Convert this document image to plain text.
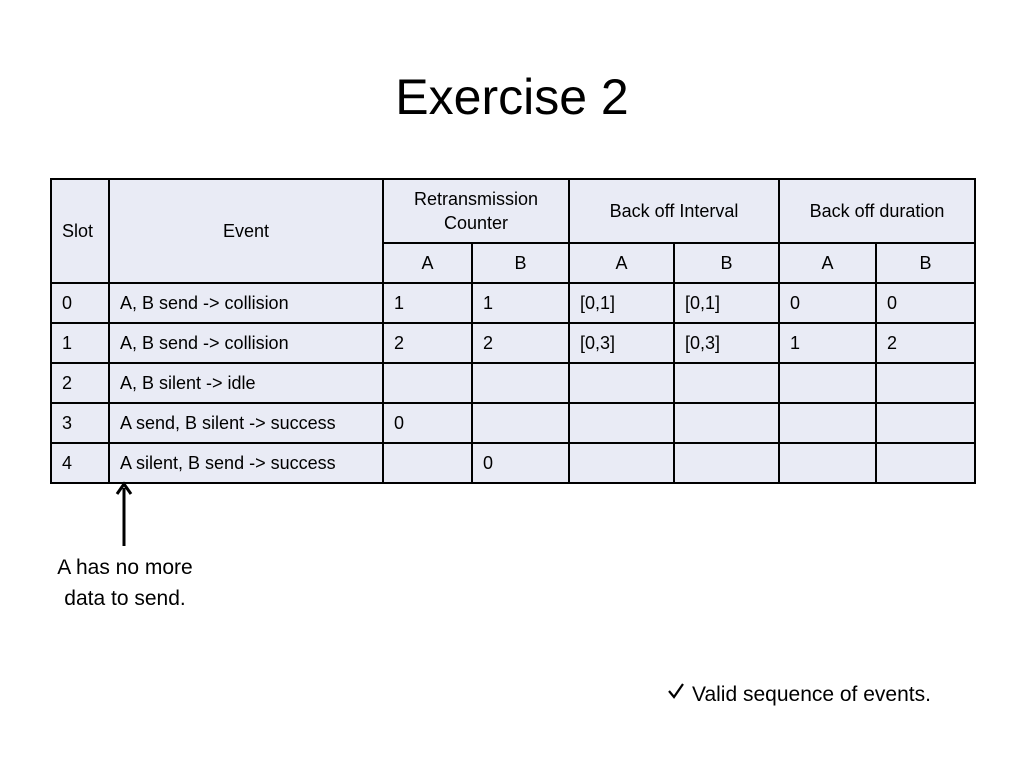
Exercise 2
Slot	Event	Retransmission Counter		Back off Interval		Back off duration	
		A	B	A	B	A	B
0	A, B send -> collision	1	1	[0,1]	[0,1]	0	0
1	A, B send -> collision	2	2	[0,3]	[0,3]	1	2
2	A, B silent -> idle						
3	A send, B silent -> success	0					
4	A silent, B send -> success		0				
A has no more
data to send.
Valid sequence of events.
